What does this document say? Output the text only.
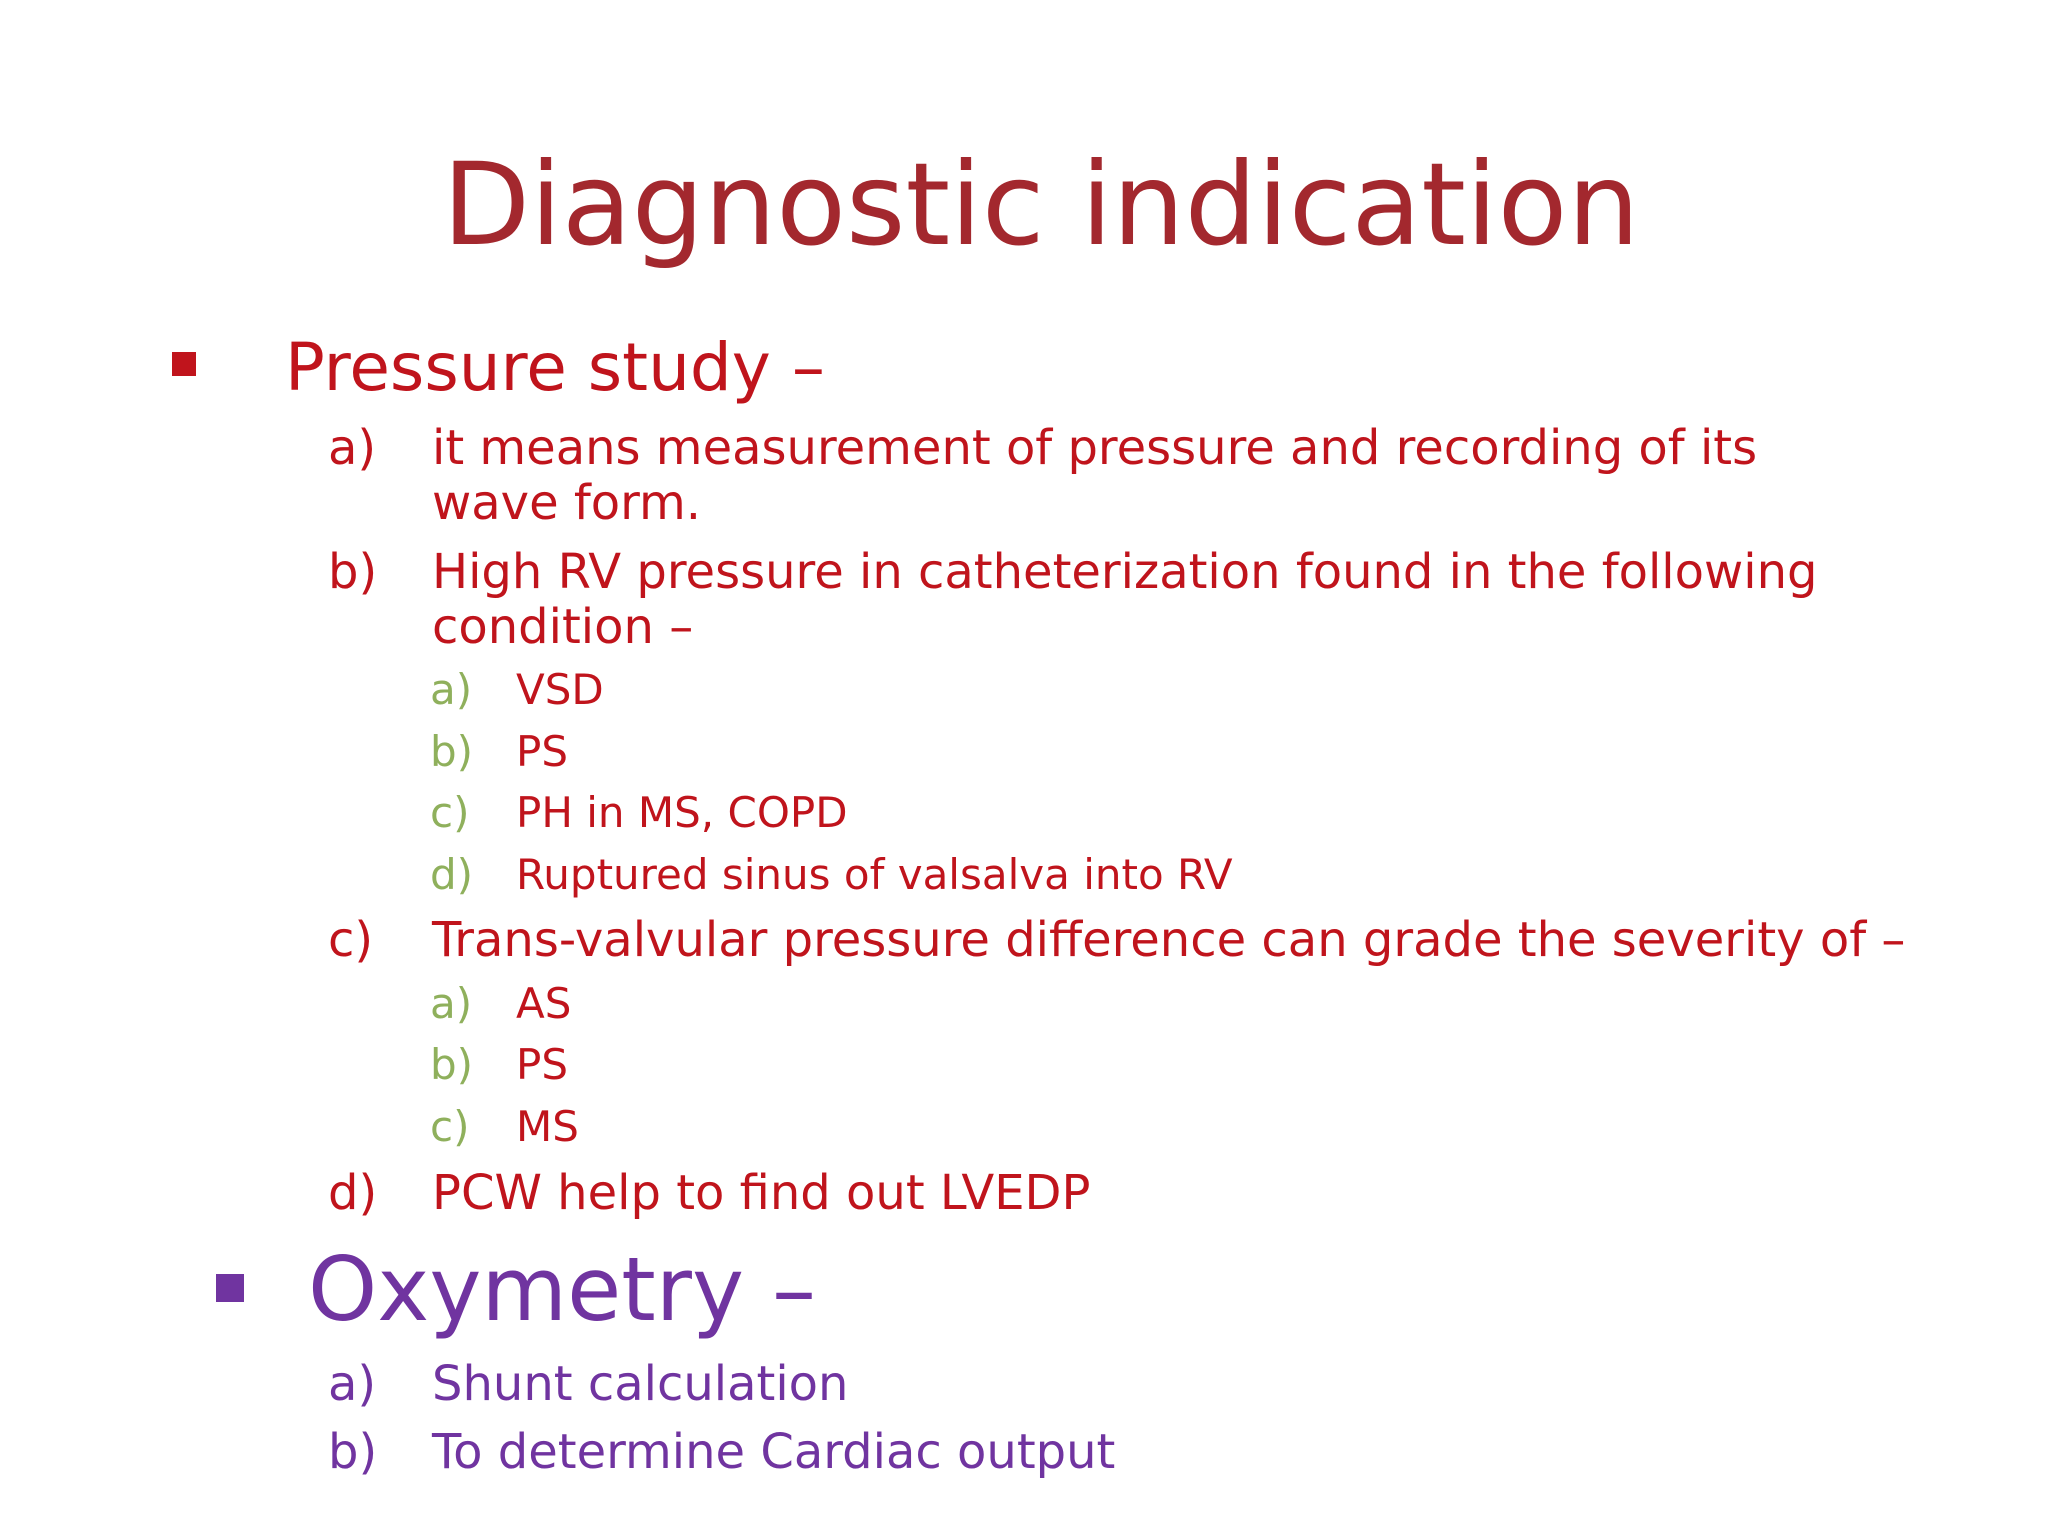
Diagnostic indication
Pressure study –
a) it means measurement of pressure and recording of its wave form.
b) High RV pressure in catheterization found in the following condition –
a) VSD
b) PS
c) PH in MS, COPD
d) Ruptured sinus of valsalva into RV
c) Trans-valvular pressure difference can grade the severity of –
a) AS
b) PS
c) MS
d) PCW help to find out LVEDP
Oxymetry –
a) Shunt calculation
b) To determine Cardiac output
